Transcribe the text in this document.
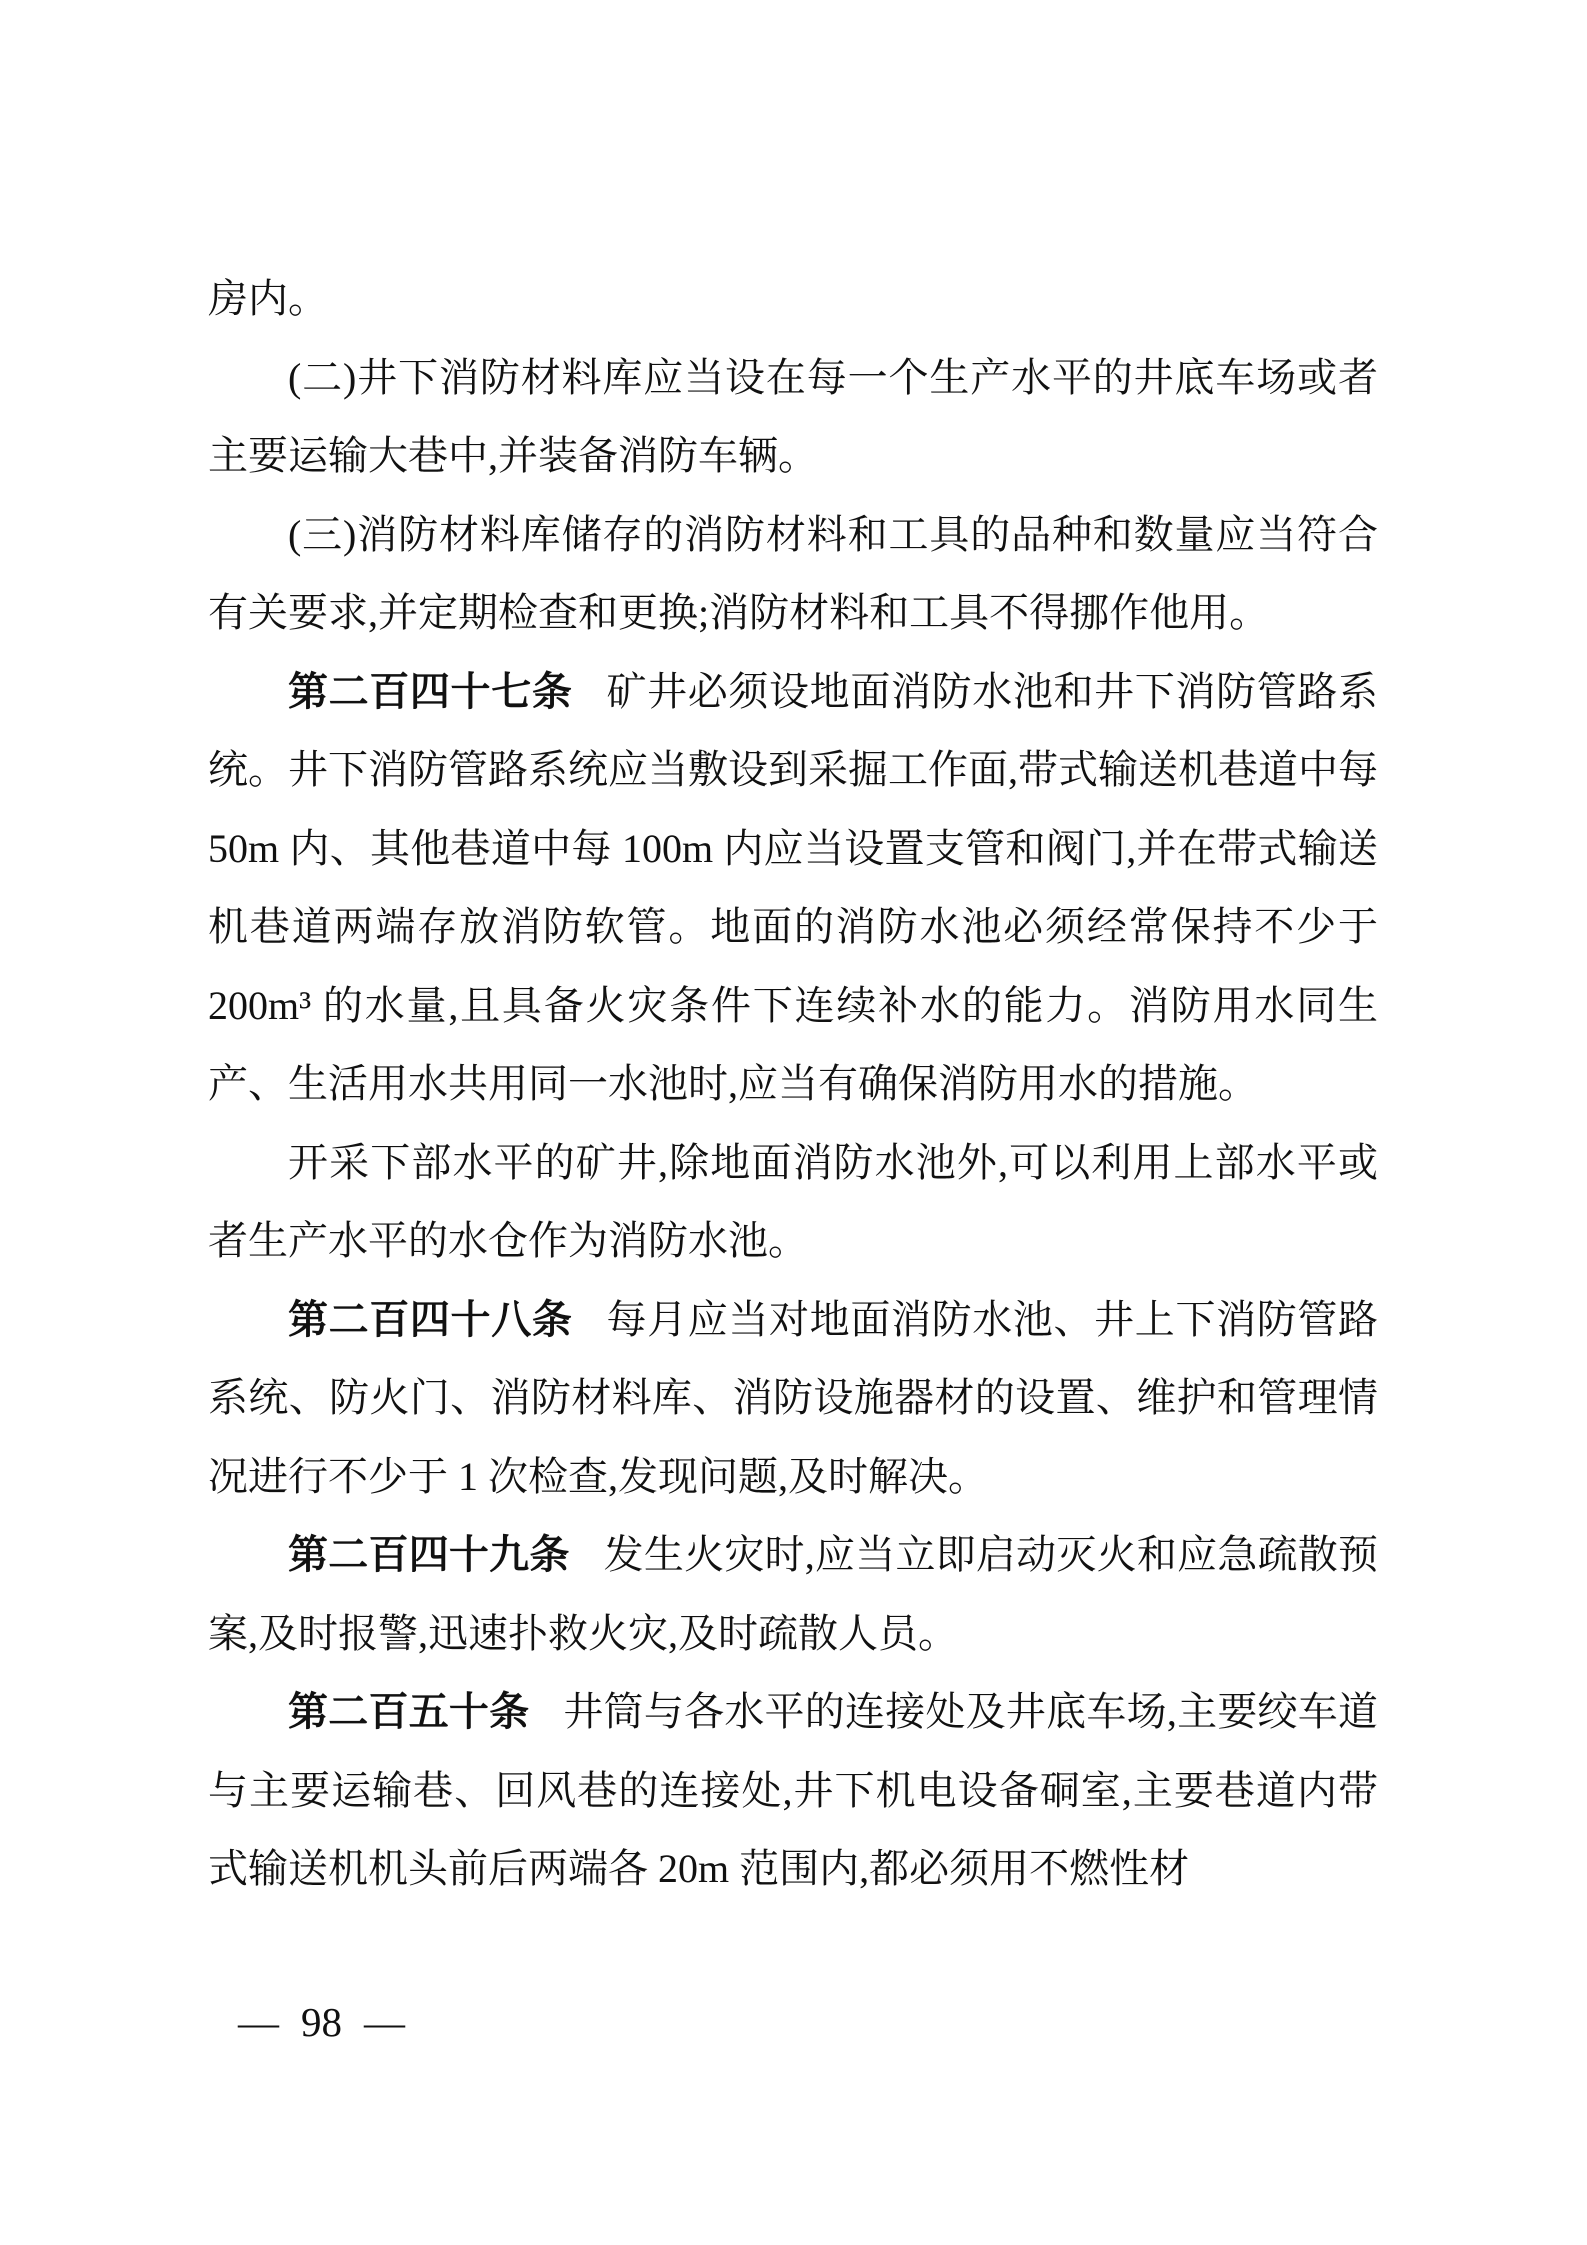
房内。

(二)井下消防材料库应当设在每一个生产水平的井底车场或者主要运输大巷中,并装备消防车辆。

(三)消防材料库储存的消防材料和工具的品种和数量应当符合有关要求,并定期检查和更换;消防材料和工具不得挪作他用。

第二百四十七条 矿井必须设地面消防水池和井下消防管路系统。井下消防管路系统应当敷设到采掘工作面,带式输送机巷道中每 50m 内、其他巷道中每 100m 内应当设置支管和阀门,并在带式输送机巷道两端存放消防软管。地面的消防水池必须经常保持不少于 200m³ 的水量,且具备火灾条件下连续补水的能力。消防用水同生产、生活用水共用同一水池时,应当有确保消防用水的措施。

开采下部水平的矿井,除地面消防水池外,可以利用上部水平或者生产水平的水仓作为消防水池。

第二百四十八条 每月应当对地面消防水池、井上下消防管路系统、防火门、消防材料库、消防设施器材的设置、维护和管理情况进行不少于 1 次检查,发现问题,及时解决。

第二百四十九条 发生火灾时,应当立即启动灭火和应急疏散预案,及时报警,迅速扑救火灾,及时疏散人员。

第二百五十条 井筒与各水平的连接处及井底车场,主要绞车道与主要运输巷、回风巷的连接处,井下机电设备硐室,主要巷道内带式输送机机头前后两端各 20m 范围内,都必须用不燃性材

— 98 —
